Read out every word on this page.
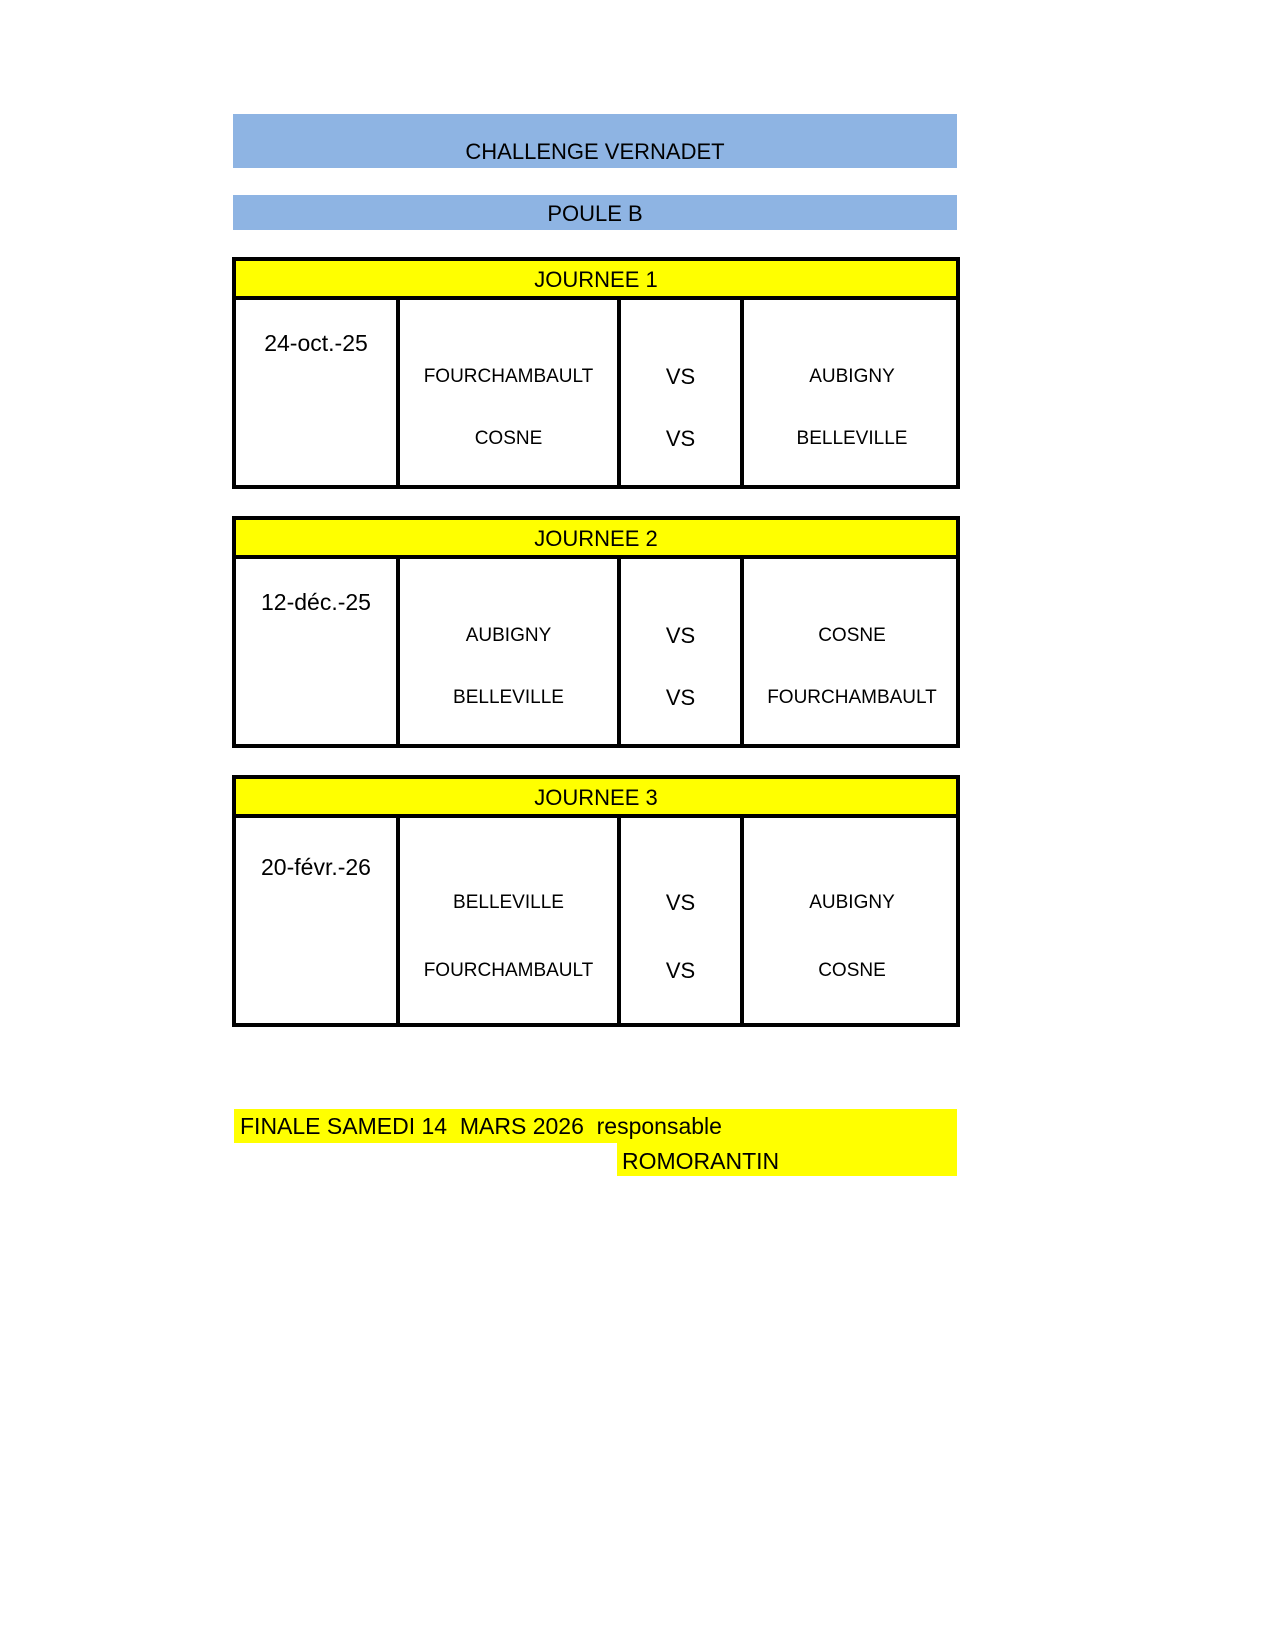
CHALLENGE VERNADET
POULE B
JOURNEE 1
24-oct.-25
FOURCHAMBAULT
COSNE
VS
VS
AUBIGNY
BELLEVILLE
JOURNEE 2
12-déc.-25
AUBIGNY
BELLEVILLE
VS
VS
COSNE
FOURCHAMBAULT
JOURNEE 3
20-févr.-26
BELLEVILLE
FOURCHAMBAULT
VS
VS
AUBIGNY
COSNE
FINALE SAMEDI 14  MARS 2026  responsable
ROMORANTIN
